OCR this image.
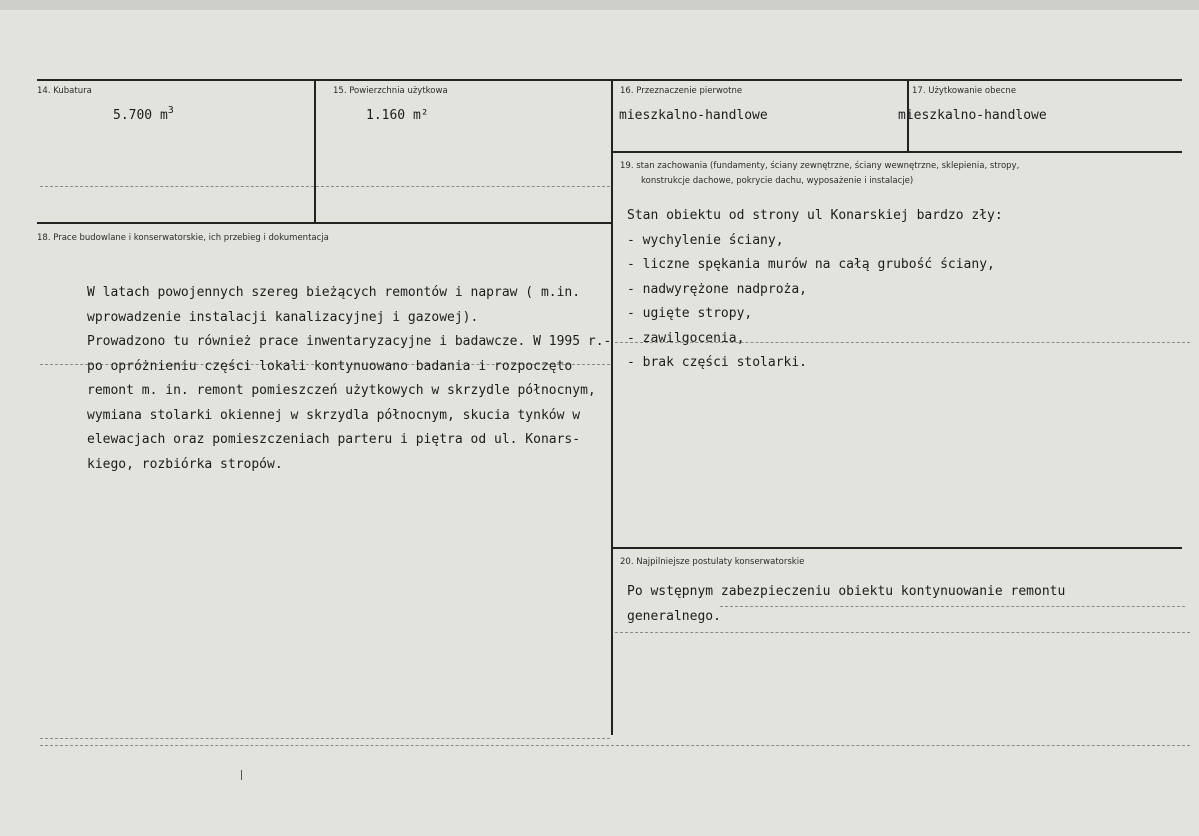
14. Kubatura
5.700 $m^3$
15. Powierzchnia użytkowa
1.160 m²
16. Przeznaczenie pierwotne
mieszkalno-handlowe
17. Użytkowanie obecne
mieszkalno-handlowe
18. Prace budowlane i konserwatorskie, ich przebieg i dokumentacja
W latach powojennych szereg bieżących remontów i napraw ( m.in.
wprowadzenie instalacji kanalizacyjnej i gazowej).
Prowadzono tu również prace inwentaryzacyjne i badawcze. W 1995 r.-
po opróżnieniu części lokali kontynuowano badania i rozpoczęto
remont m. in. remont pomieszczeń użytkowych w skrzydle północnym,
wymiana stolarki okiennej w skrzydla północnym, skucia tynków w
elewacjach oraz pomieszczeniach parteru i piętra od ul. Konars-
kiego, rozbiórka stropów.
19. stan zachowania (fundamenty, ściany zewnętrzne, ściany wewnętrzne, sklepienia, stropy,
konstrukcje dachowe, pokrycie dachu, wyposażenie i instalacje)
Stan obiektu od strony ul Konarskiej bardzo zły:
- wychylenie ściany,
- liczne spękania murów na całą grubość ściany,
- nadwyrężone nadproża,
- ugięte stropy,
- zawilgocenia,
- brak części stolarki.
20. Najpilniejsze postulaty konserwatorskie
Po wstępnym zabezpieczeniu obiektu kontynuowanie remontu
generalnego.
